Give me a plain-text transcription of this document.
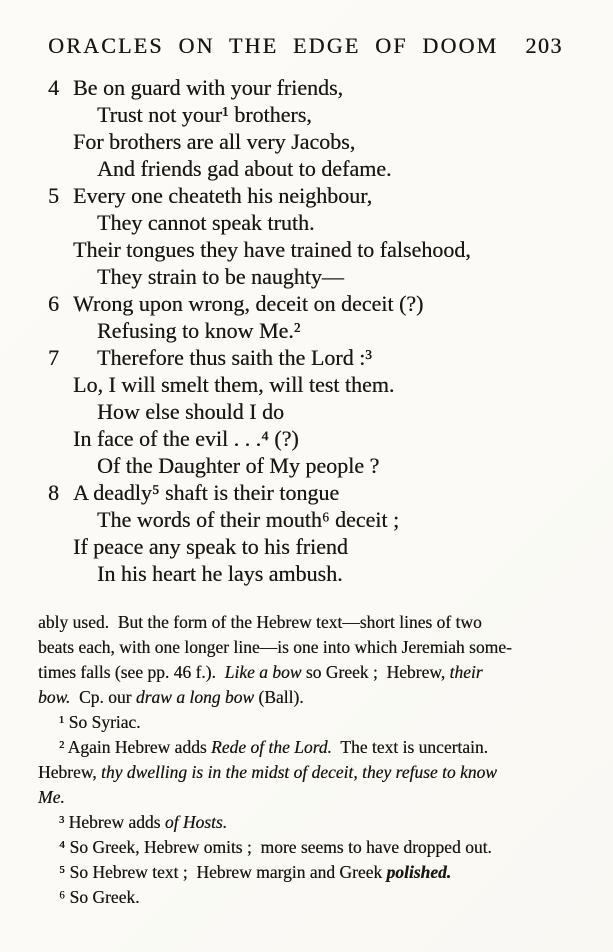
ORACLES ON THE EDGE OF DOOM 203
4 Be on guard with your friends,
Trust not your¹ brothers,
For brothers are all very Jacobs,
And friends gad about to defame.
5 Every one cheateth his neighbour,
They cannot speak truth.
Their tongues they have trained to falsehood,
They strain to be naughty—
6 Wrong upon wrong, deceit on deceit (?)
Refusing to know Me.²
7	Therefore thus saith the Lord :³
Lo, I will smelt them, will test them.
How else should I do
In face of the evil . . .⁴ (?)
Of the Daughter of My people ?
8 A deadly⁵ shaft is their tongue
The words of their mouth⁶ deceit ;
If peace any speak to his friend
In his heart he lays ambush.
ably used.  But the form of the Hebrew text—short lines of two
beats each, with one longer line—is one into which Jeremiah some-
times falls (see pp. 46 f.).  Like a bow so Greek ;  Hebrew, their
bow.  Cp. our draw a long bow (Ball).
¹ So Syriac.
² Again Hebrew adds Rede of the Lord.  The text is uncertain.
Hebrew, thy dwelling is in the midst of deceit, they refuse to know
Me.
³ Hebrew adds of Hosts.
⁴ So Greek, Hebrew omits ;  more seems to have dropped out.
⁵ So Hebrew text ;  Hebrew margin and Greek polished.
⁶ So Greek.
